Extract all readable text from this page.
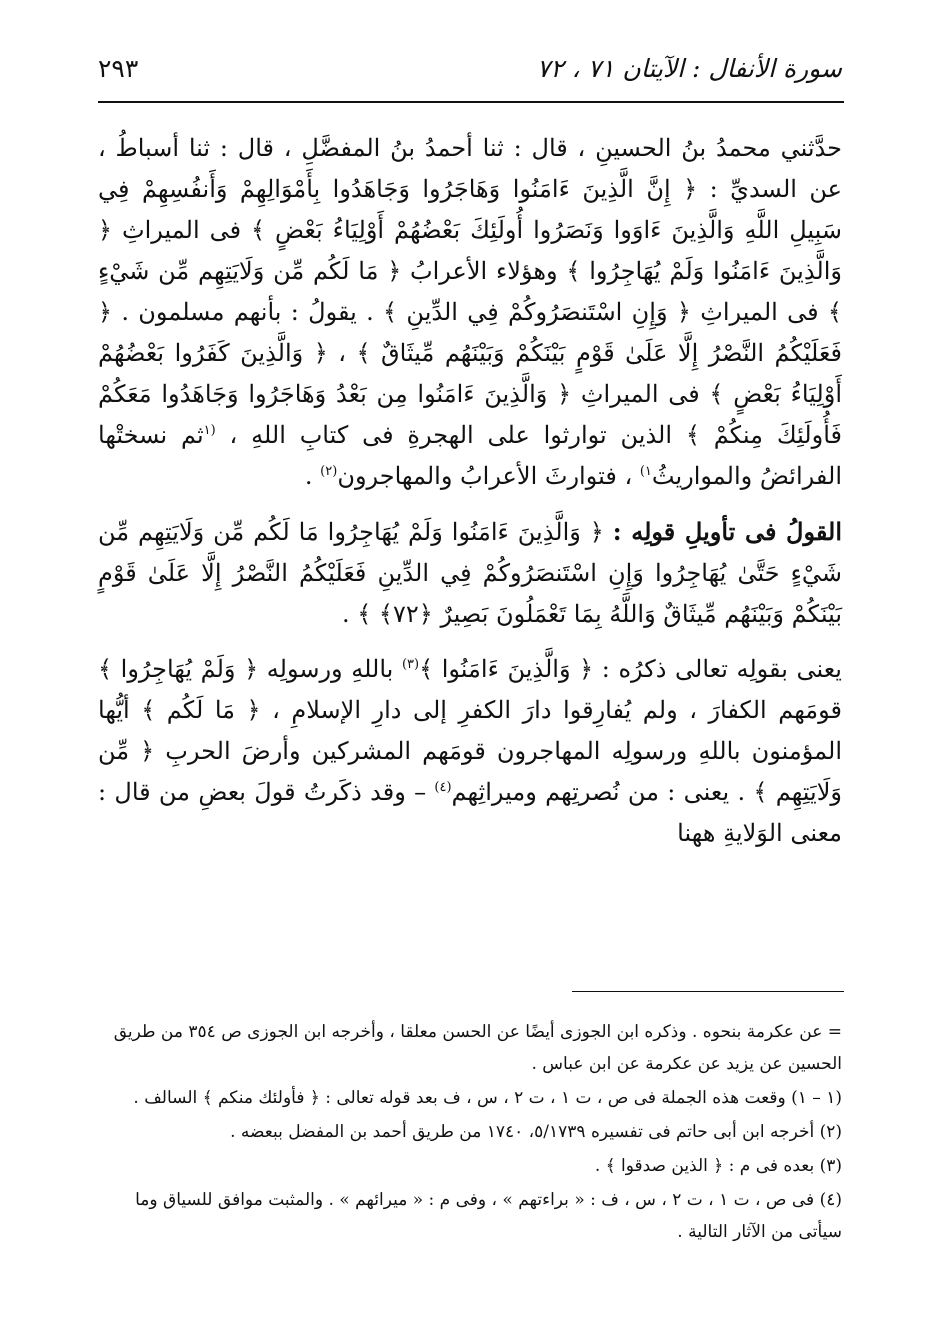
سورة الأنفال : الآيتان ٧١ ، ٧٢
٢٩٣

حدَّثني محمدُ بنُ الحسينِ ، قال : ثنا أحمدُ بنُ المفضَّلِ ، قال : ثنا أسباطُ ، عن السديِّ : ﴿ إِنَّ الَّذِينَ ءَامَنُوا وَهَاجَرُوا وَجَاهَدُوا بِأَمْوَالِهِمْ وَأَنفُسِهِمْ فِي سَبِيلِ اللَّهِ وَالَّذِينَ ءَاوَوا وَنَصَرُوا أُولَئِكَ بَعْضُهُمْ أَوْلِيَاءُ بَعْضٍ ﴾ فى الميراثِ ﴿ وَالَّذِينَ ءَامَنُوا وَلَمْ يُهَاجِرُوا ﴾ وهؤلاء الأعرابُ ﴿ مَا لَكُم مِّن وَلَايَتِهِم مِّن شَيْءٍ ﴾ فى الميراثِ ﴿ وَإِنِ اسْتَنصَرُوكُمْ فِي الدِّينِ ﴾ . يقولُ : بأنهم مسلمون . ﴿ فَعَلَيْكُمُ النَّصْرُ إِلَّا عَلَىٰ قَوْمٍ بَيْنَكُمْ وَبَيْنَهُم مِّيثَاقٌ ﴾ ، ﴿ وَالَّذِينَ كَفَرُوا بَعْضُهُمْ أَوْلِيَاءُ بَعْضٍ ﴾ فى الميراثِ ﴿ وَالَّذِينَ ءَامَنُوا مِن بَعْدُ وَهَاجَرُوا وَجَاهَدُوا مَعَكُمْ فَأُولَئِكَ مِنكُمْ ﴾ الذين توارثوا على الهجرةِ فى كتابِ اللهِ ، $^{(١}$ثم نسختْها الفرائضُ والمواريثُ$^{١)}$ ، فتوارثَ الأعرابُ والمهاجرون$^{(٢)}$ .

القولُ فى تأويلِ قولِه : ﴿ وَالَّذِينَ ءَامَنُوا وَلَمْ يُهَاجِرُوا مَا لَكُم مِّن وَلَايَتِهِم مِّن شَيْءٍ حَتَّىٰ يُهَاجِرُوا وَإِنِ اسْتَنصَرُوكُمْ فِي الدِّينِ فَعَلَيْكُمُ النَّصْرُ إِلَّا عَلَىٰ قَوْمٍ بَيْنَكُمْ وَبَيْنَهُم مِّيثَاقٌ وَاللَّهُ بِمَا تَعْمَلُونَ بَصِيرٌ ﴿٧٢﴾ ﴾ .

يعنى بقولِه تعالى ذكرُه : ﴿ وَالَّذِينَ ءَامَنُوا ﴾$^{(٣)}$ باللهِ ورسولِه ﴿ وَلَمْ يُهَاجِرُوا ﴾ قومَهم الكفارَ ، ولم يُفارِقوا دارَ الكفرِ إلى دارِ الإسلامِ ، ﴿ مَا لَكُم ﴾ أيُّها المؤمنون باللهِ ورسولِه المهاجرون قومَهم المشركين وأرضَ الحربِ ﴿ مِّن وَلَايَتِهِم ﴾ . يعنى : من نُصرتِهم وميراثِهم$^{(٤)}$ – وقد ذكَرتُ قولَ بعضِ من قال : معنى الوَلايةِ ههنا

= عن عكرمة بنحوه . وذكره ابن الجوزى أيضًا عن الحسن معلقا ، وأخرجه ابن الجوزى ص ٣٥٤ من طريق الحسين عن يزيد عن عكرمة عن ابن عباس .

(١ – ١) وقعت هذه الجملة فى ص ، ت ١ ، ت ٢ ، س ، ف بعد قوله تعالى : ﴿ فأولئك منكم ﴾ السالف .

(٢) أخرجه ابن أبى حاتم فى تفسيره ٥/١٧٣٩، ١٧٤٠ من طريق أحمد بن المفضل ببعضه .

(٣) بعده فى م : ﴿ الذين صدقوا ﴾ .

(٤) فى ص ، ت ١ ، ت ٢ ، س ، ف : « براءتهم » ، وفى م : « ميرائهم » . والمثبت موافق للسياق وما سيأتى من الآثار التالية .
